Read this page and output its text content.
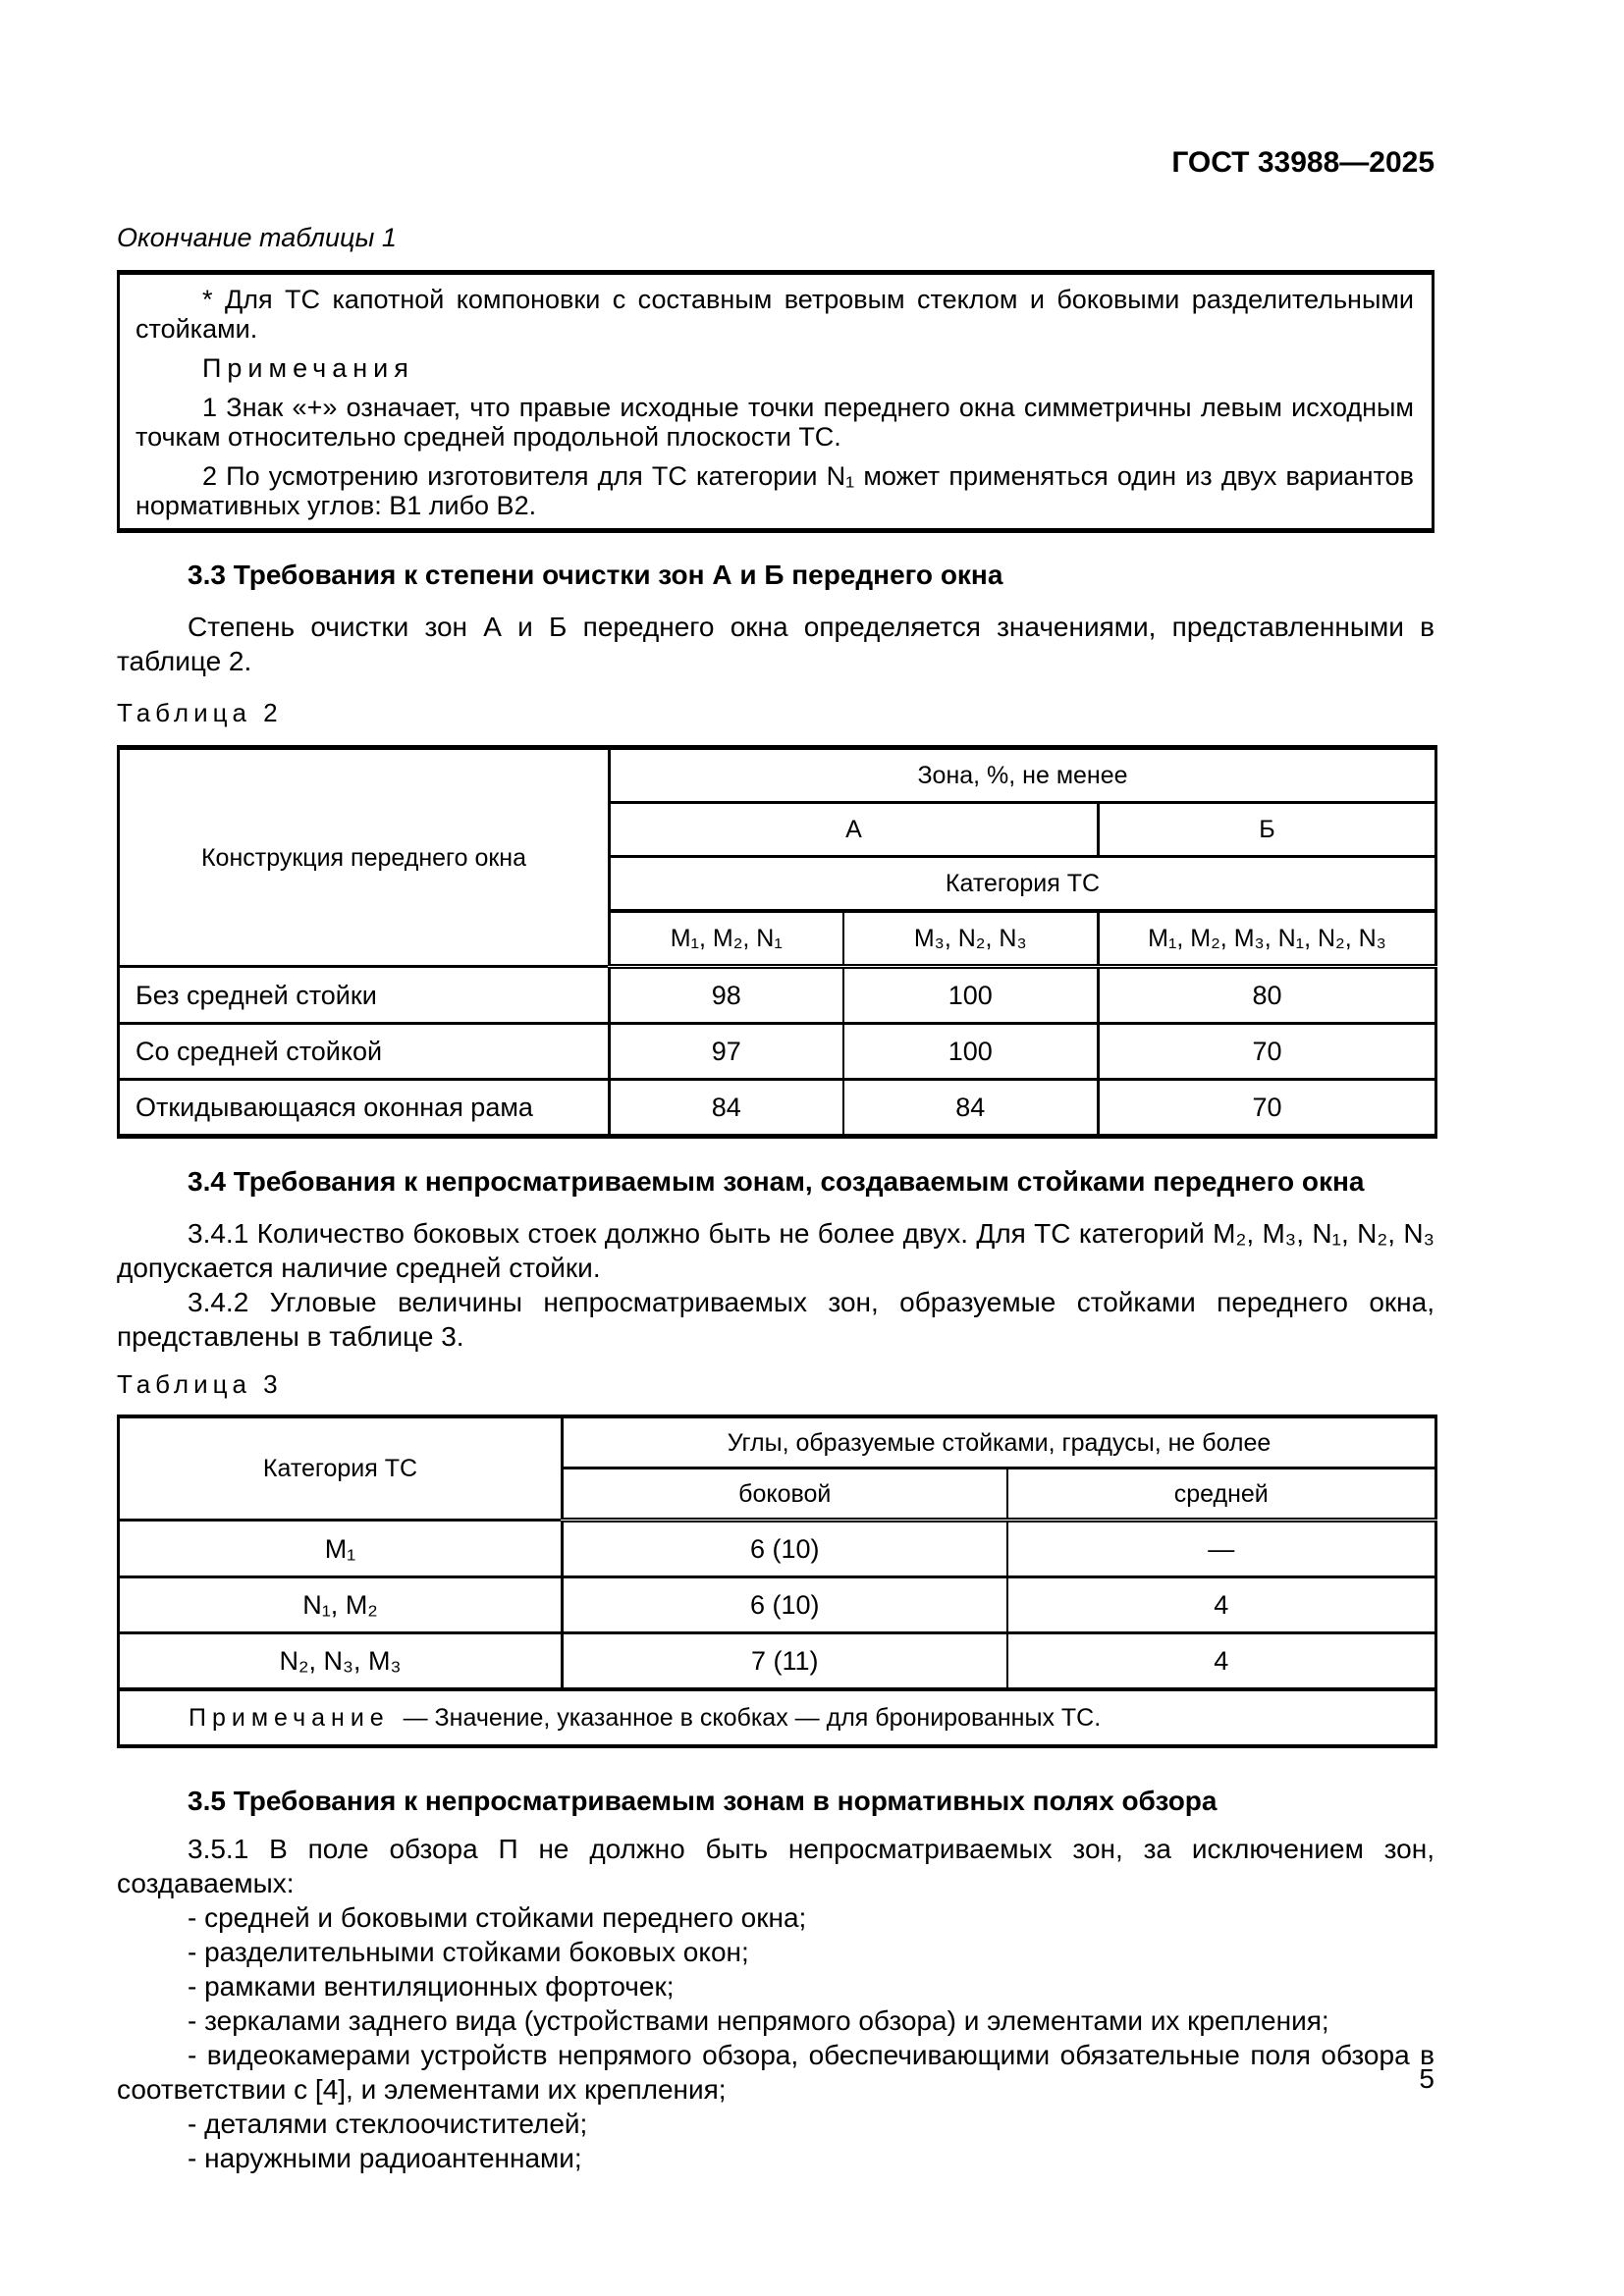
ГОСТ 33988—2025
Окончание таблицы 1

* Для ТС капотной компоновки с составным ветровым стеклом и боковыми разделительными стойками.

Примечания

1 Знак «+» означает, что правые исходные точки переднего окна симметричны левым исходным точкам относительно средней продольной плоскости ТС.

2 По усмотрению изготовителя для ТС категории N₁ может применяться один из двух вариантов нормативных углов: В1 либо В2.

3.3 Требования к степени очистки зон А и Б переднего окна

Степень очистки зон А и Б переднего окна определяется значениями, представленными в таблице 2.

Таблица 2
Конструкция переднего окна	Зона, %, не менее		
	А		Б
	Категория ТС		
	M₁, M₂, N₁	M₃, N₂, N₃	M₁, M₂, M₃, N₁, N₂, N₃
Без средней стойки	98	100	80
Со средней стойкой	97	100	70
Откидывающаяся оконная рама	84	84	70
3.4 Требования к непросматриваемым зонам, создаваемым стойками переднего окна

3.4.1 Количество боковых стоек должно быть не более двух. Для ТС категорий M₂, M₃, N₁, N₂, N₃ допускается наличие средней стойки.

3.4.2 Угловые величины непросматриваемых зон, образуемые стойками переднего окна, представлены в таблице 3.

Таблица 3
Категория ТС	Углы, образуемые стойками, градусы, не более	
	боковой	средней
M₁	6 (10)	—
N₁, M₂	6 (10)	4
N₂, N₃, M₃	7 (11)	4
Примечание — Значение, указанное в скобках — для бронированных ТС.		
3.5 Требования к непросматриваемым зонам в нормативных полях обзора

3.5.1 В поле обзора П не должно быть непросматриваемых зон, за исключением зон, создаваемых:

- средней и боковыми стойками переднего окна;
- разделительными стойками боковых окон;
- рамками вентиляционных форточек;
- зеркалами заднего вида (устройствами непрямого обзора) и элементами их крепления;
- видеокамерами устройств непрямого обзора, обеспечивающими обязательные поля обзора в соответствии с [4], и элементами их крепления;
- деталями стеклоочистителей;
- наружными радиоантеннами;
5
